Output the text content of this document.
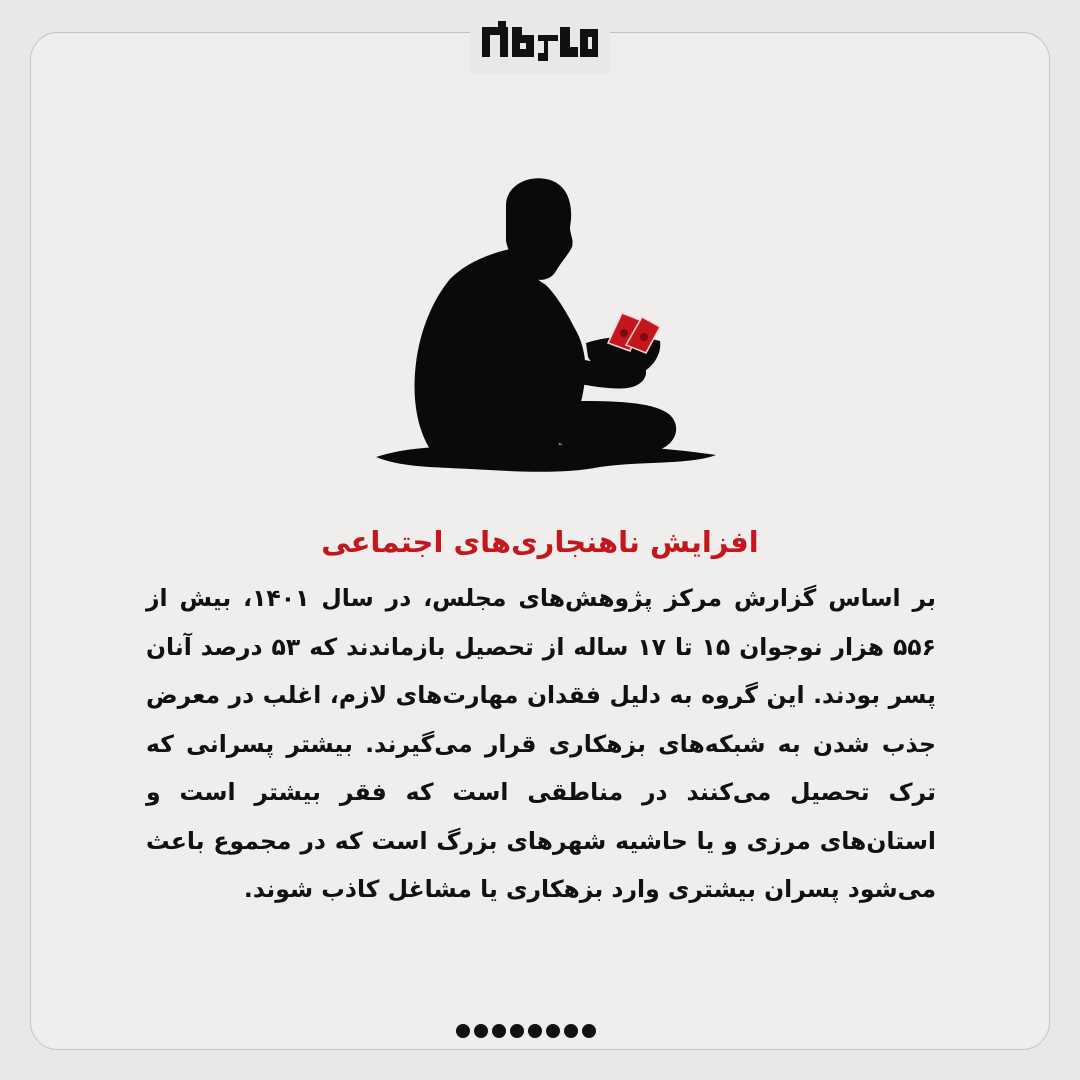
افزایش ناهنجاری‌های اجتماعی

بر اساس گزارش مرکز پژوهش‌های مجلس، در سال ۱۴۰۱، بیش از ۵۵۶ هزار نوجوان ۱۵ تا ۱۷ ساله از تحصیل بازماندند که ۵۳ درصد آنان پسر بودند. این گروه به دلیل فقدان مهارت‌های لازم، اغلب در معرض جذب شدن به شبکه‌های بزهکاری قرار می‌گیرند. بیشتر پسرانی که ترک تحصیل می‌کنند در مناطقی است که فقر بیشتر است و استان‌های مرزی و یا حاشیه شهرهای بزرگ است که در مجموع باعث می‌شود پسران بیشتری وارد بزهکاری یا مشاغل کاذب شوند.
